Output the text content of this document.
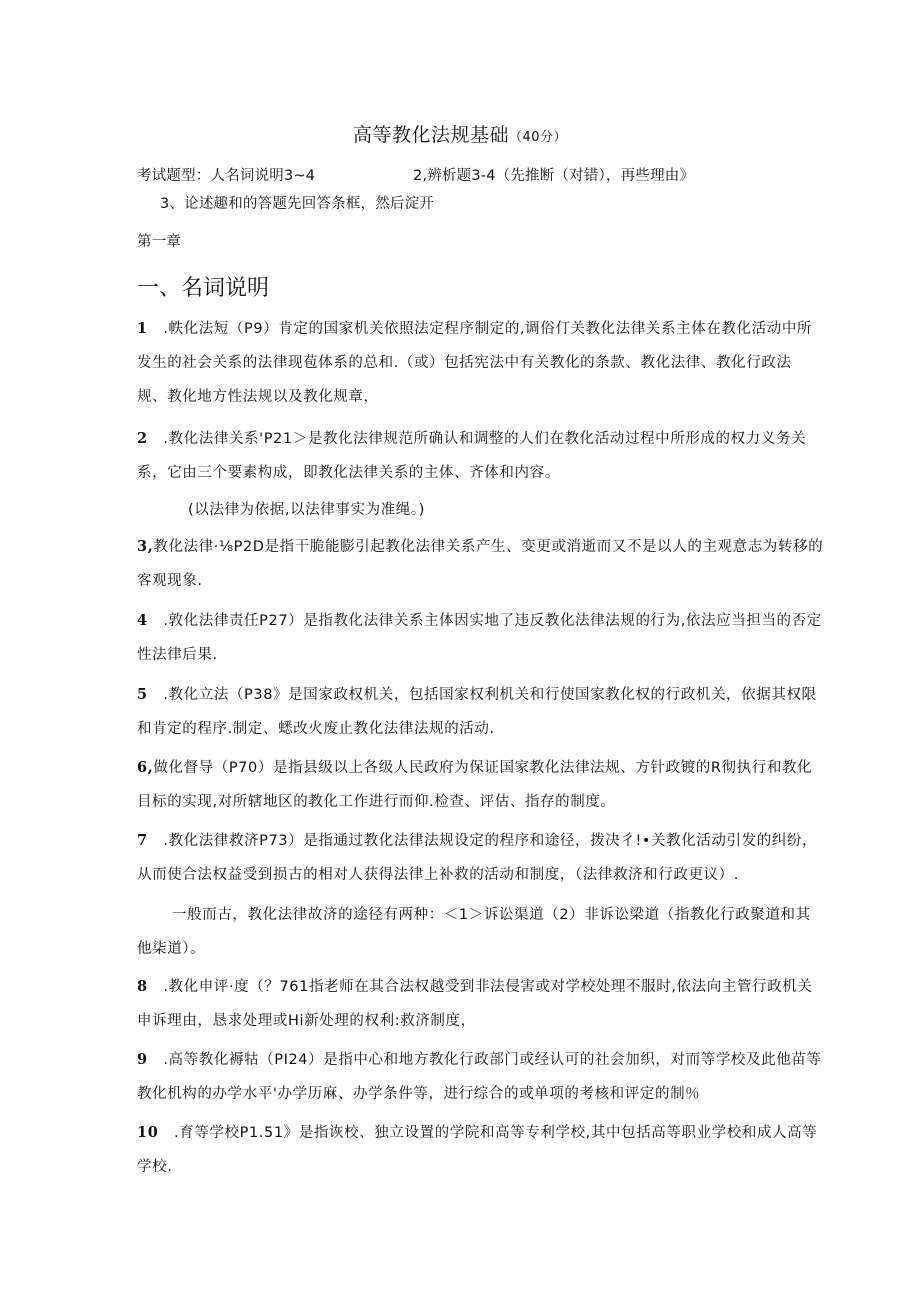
高等教化法规基础（40分）
考试题型：人名词说明3~4	2,辨析题3-4（先推断（对错），再些理由》
3、论述趣和的答题先回答条框，然后淀开
第一章
一、名词说明
1 .帙化法短（P9）肯定的国家机关依照法定程序制定的,调俗仃关教化法律关系主体在教化活动中所
发生的社会关系的法律现苞体系的总和.（或）包括宪法中有关教化的条款、教化法律、教化行政法
规、教化地方性法规以及教化规章，
2 .教化法律关系'P21＞是教化法律规范所确认和调整的人们在教化活动过程中所形成的权力义务关
系，它由三个要素构成，即教化法律关系的主体、齐体和内容。
(以法律为依据,以法律事实为准绳。)
3,教化法律·⅛P2D是指干脆能膨引起教化法律关系产生、变更或消逝而又不是以人的主观意志为转移的
客观现象.
4 .敦化法律责任P27）是指教化法律关系主体因实地了违反教化法律法规的行为,依法应当担当的否定
性法律后果.
5 .教化立法（P38》是国家政权机关，包括国家权利机关和行使国家教化权的行政机关，依据其权限
和肯定的程序.制定、蟋改火废止教化法律法规的活动.
6,做化督导（P70）是指县级以上各级人民政府为保证国家教化法律法规、方针政镀的R彻执行和教化
目标的实现,对所辖地区的教化工作进行而仰.检查、评估、指存的制度。
7 .教化法律救济P73）是指通过教化法律法规设定的程序和途径，拨决彳!•关教化活动引发的纠纷，
从而使合法权益受到损古的相对人获得法律上补救的活动和制度，（法律救济和行政更议）.
一般而古，教化法律故济的途径有两种：＜1＞诉讼渠道（2）非诉讼梁道（指教化行政聚道和其
他柒道）。
8 .教化申评·度（？761指老师在其合法权越受到非法侵害或对学校处理不服时,依法向主管行政机关
申诉理由，恳求处理或Hi新处理的权利:救济制度，
9 .高等教化褥牯（PI24）是指中心和地方教化行政部门或经认可的社会加织，对而等学校及此他苗等
教化机构的办学水平'办学历麻、办学条件等，进行综合的或单项的考核和评定的制％
10 .育等学校P1.51》是指诙校、独立设置的学院和高等专利学校,其中包括高等职业学校和成人高等
学校.
